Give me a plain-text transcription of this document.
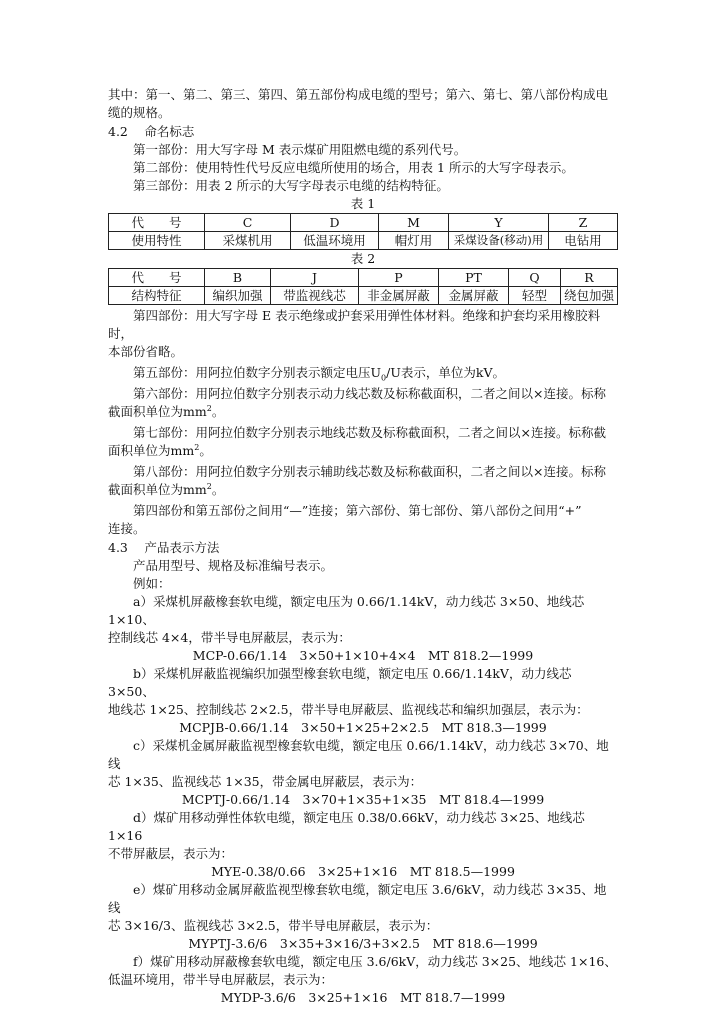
其中：第一、第二、第三、第四、第五部份构成电缆的型号；第六、第七、第八部份构成电

缆的规格。

4.2　 命名标志

第一部份：用大写字母 M 表示煤矿用阻燃电缆的系列代号。

第二部份：使用特性代号反应电缆所使用的场合，用表 1 所示的大写字母表示。

第三部份：用表 2 所示的大写字母表示电缆的结构特征。

表 1

代　　号	C	D	M	Y	Z
使用特性	采煤机用	低温环境用	帽灯用	采煤设备(移动)用	电钻用

表 2

代　　号	B	J	P	PT	Q	R
结构特征	编织加强	带监视线芯	非金属屏蔽	金属屏蔽	轻型	绕包加强

第四部份：用大写字母 E 表示绝缘或护套采用弹性体材料。绝缘和护套均采用橡胶料时，

本部份省略。

第五部份：用阿拉伯数字分别表示额定电压$U_0/U$表示，单位为kV。

第六部份：用阿拉伯数字分别表示动力线芯数及标称截面积，二者之间以×连接。标称

截面积单位为$mm^2$。

第七部份：用阿拉伯数字分别表示地线芯数及标称截面积，二者之间以×连接。标称截

面积单位为$mm^2$。

第八部份：用阿拉伯数字分别表示辅助线芯数及标称截面积，二者之间以×连接。标称

截面积单位为$mm^2$。

第四部份和第五部份之间用“—”连接；第六部份、第七部份、第八部份之间用“+”

连接。

4.3　 产品表示方法

产品用型号、规格及标准编号表示。

例如：

a）采煤机屏蔽橡套软电缆，额定电压为 0.66/1.14kV，动力线芯 3×50、地线芯 1×10、

控制线芯 4×4，带半导电屏蔽层，表示为：

MCP-0.66/1.14　3×50+1×10+4×4　MT 818.2—1999

b）采煤机屏蔽监视编织加强型橡套软电缆，额定电压 0.66/1.14kV，动力线芯 3×50、

地线芯 1×25、控制线芯 2×2.5，带半导电屏蔽层、监视线芯和编织加强层，表示为：

MCPJB-0.66/1.14　3×50+1×25+2×2.5　MT 818.3—1999

c）采煤机金属屏蔽监视型橡套软电缆，额定电压 0.66/1.14kV，动力线芯 3×70、地线

芯 1×35、监视线芯 1×35，带金属电屏蔽层，表示为：

MCPTJ-0.66/1.14　3×70+1×35+1×35　MT 818.4—1999

d）煤矿用移动弹性体软电缆，额定电压 0.38/0.66kV，动力线芯 3×25、地线芯 1×16

不带屏蔽层，表示为：

MYE-0.38/0.66　3×25+1×16　MT 818.5—1999

e）煤矿用移动金属屏蔽监视型橡套软电缆，额定电压 3.6/6kV，动力线芯 3×35、地线

芯 3×16/3、监视线芯 3×2.5，带半导电屏蔽层，表示为：

MYPTJ-3.6/6　3×35+3×16/3+3×2.5　MT 818.6—1999

f）煤矿用移动屏蔽橡套软电缆，额定电压 3.6/6kV，动力线芯 3×25、地线芯 1×16、

低温环境用，带半导电屏蔽层，表示为：

MYDP-3.6/6　3×25+1×16　MT 818.7—1999
